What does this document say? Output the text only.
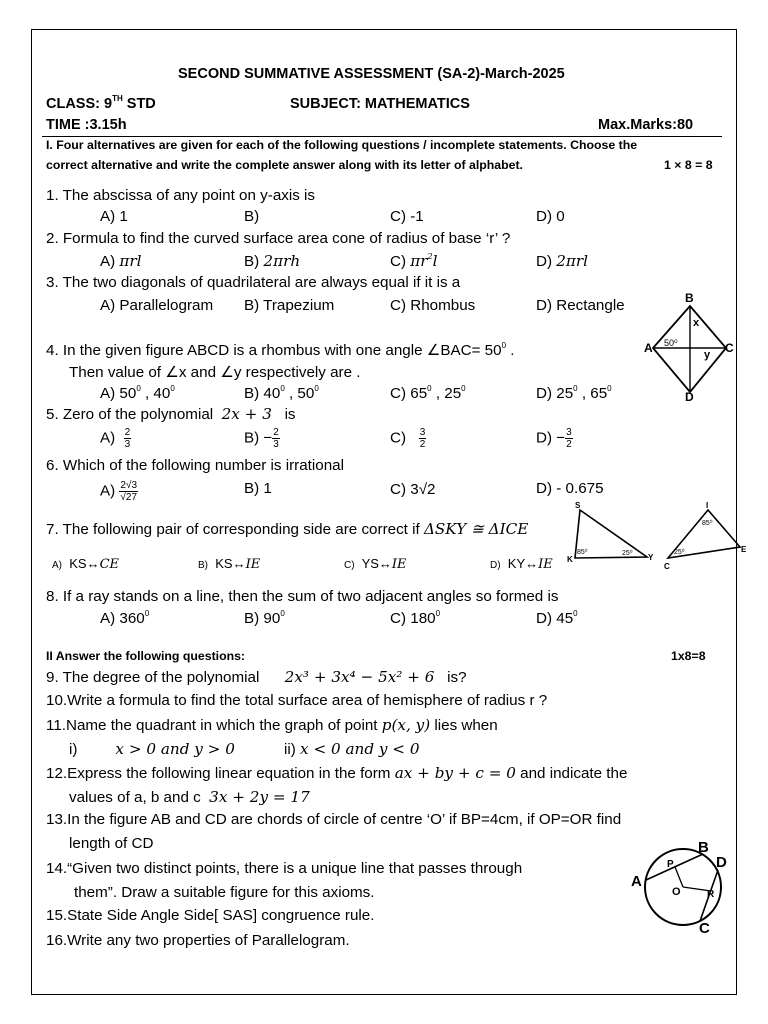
SECOND SUMMATIVE ASSESSMENT (SA-2)-March-2025
CLASS: 9TH STD	SUBJECT: MATHEMATICS
TIME :3.15h	Max.Marks:80
I. Four alternatives are given for each of the following questions / incomplete statements. Choose the
correct alternative and write the complete answer along with its letter of alphabet.	1 × 8 = 8
1. The abscissa of any point on y-axis is
A) 1	B)	C) -1	D) 0
2. Formula to find the curved surface area cone of radius of base ‘r’ ?
A) πrl	B) 2πrh	C) $\pi r^2l$	D) 2πrl
3. The two diagonals of quadrilateral are always equal if it is a
A) Parallelogram B) Trapezium	C) Rhombus	D) Rectangle	B
A	C
D
x
y
50⁰
4. In the given figure ABCD is a rhombus with one angle ∠BAC= $50^0$ .
Then value of ∠x and ∠y respectively are .
A) $50^0$ , $40^0$	B) $40^0$ , $50^0$	C) $65^0$ , $25^0$	D) $25^0$ , $65^0$
5. Zero of the polynomial 2x + 3 is
$A) \frac{2}{3}$	$B) - \frac{2}{3}$	$C) \frac{3}{2}$	$D) - \frac{3}{2}$
6. Which of the following number is irrational
$A) \frac{2√3}{√27}$	B) 1	C) 3√2	D) - 0.675
7. The following pair of corresponding side are correct if ΔSKY ≅ ΔICE
A) KS↔CE	B) KS↔IE	C) YS↔IE	D) KY↔IE
S
K	Y
85⁰	25⁰
I
C
E
85⁰
25⁰
8. If a ray stands on a line, then the sum of two adjacent angles so formed is
A) $360^0$	B) $90^0$	C) $180^0$	D) $45^0$
II Answer the following questions:	1x8=8
9. The degree of the polynomial 2x³ + 3x⁴ − 5x² + 6 is?
10.Write a formula to find the total surface area of hemisphere of radius r ?
11.Name the quadrant in which the graph of point p(x, y) lies when
i) x > 0 and y > 0	ii) x < 0 and y < 0
12.Express the following linear equation in the form ax + by + c = 0 and indicate the
values of a, b and c 3x + 2y = 17
13.In the figure AB and CD are chords of circle of centre ‘O’ if BP=4cm, if OP=OR find
length of CD
14.“Given two distinct points, there is a unique line that passes through
them”. Draw a suitable figure for this axioms.
15.State Side Angle Side[ SAS] congruence rule.
16.Write any two properties of Parallelogram.
A
B
D
C
O
P
R
